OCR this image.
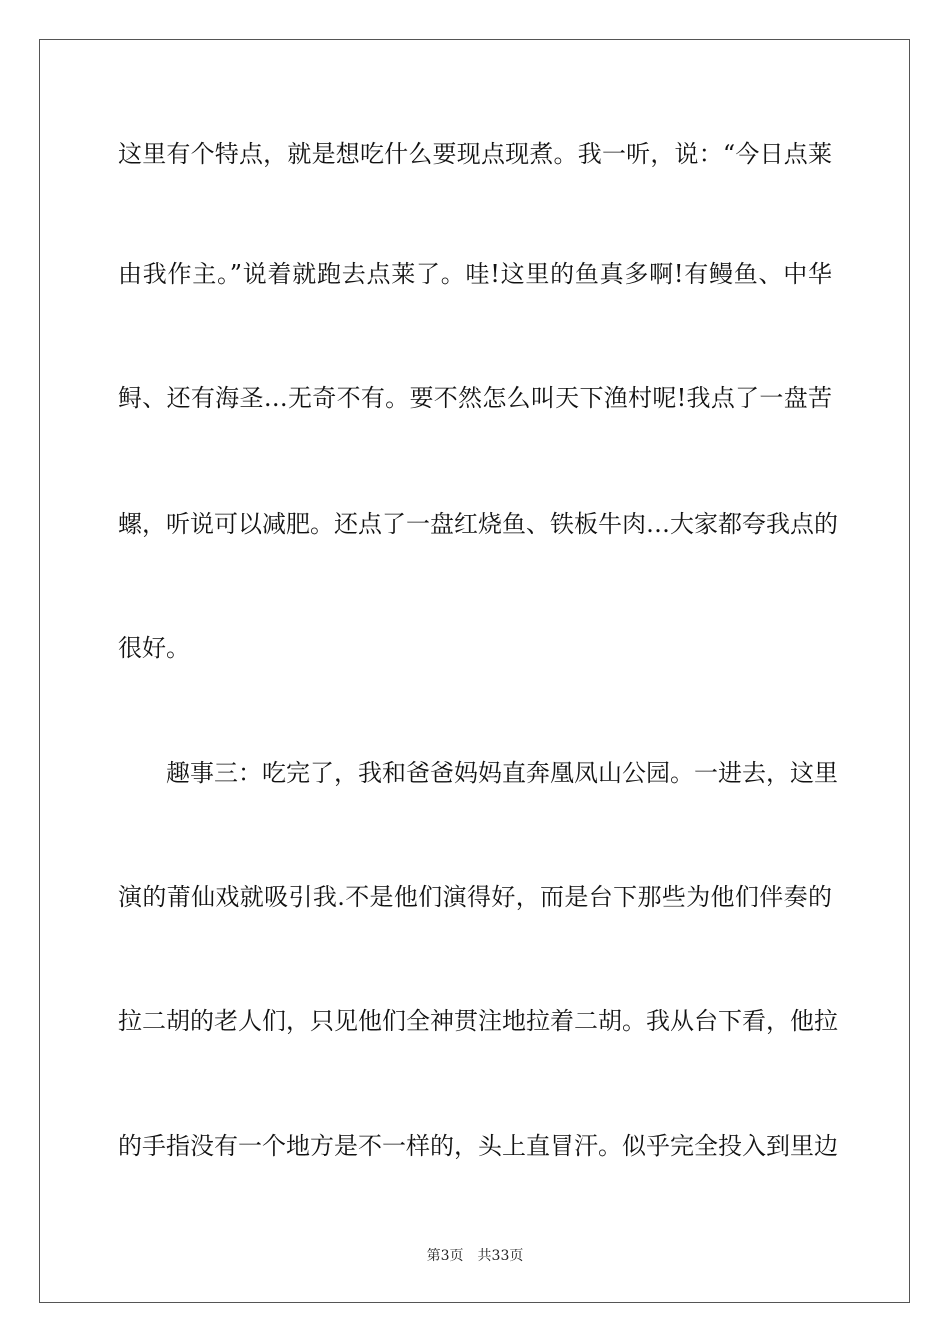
这里有个特点，就是想吃什么要现点现煮。我一听，说：“今日点莱
由我作主。”说着就跑去点莱了。哇!这里的鱼真多啊!有鳗鱼、中华
鲟、还有海圣…无奇不有。要不然怎么叫天下渔村呢!我点了一盘苦
螺，听说可以减肥。还点了一盘红烧鱼、铁板牛肉…大家都夸我点的
很好。
趣事三：吃完了，我和爸爸妈妈直奔凰凤山公园。一进去，这里
演的莆仙戏就吸引我.不是他们演得好，而是台下那些为他们伴奏的
拉二胡的老人们，只见他们全神贯注地拉着二胡。我从台下看，他拉
的手指没有一个地方是不一样的，头上直冒汗。似乎完全投入到里边
第3页 共33页
